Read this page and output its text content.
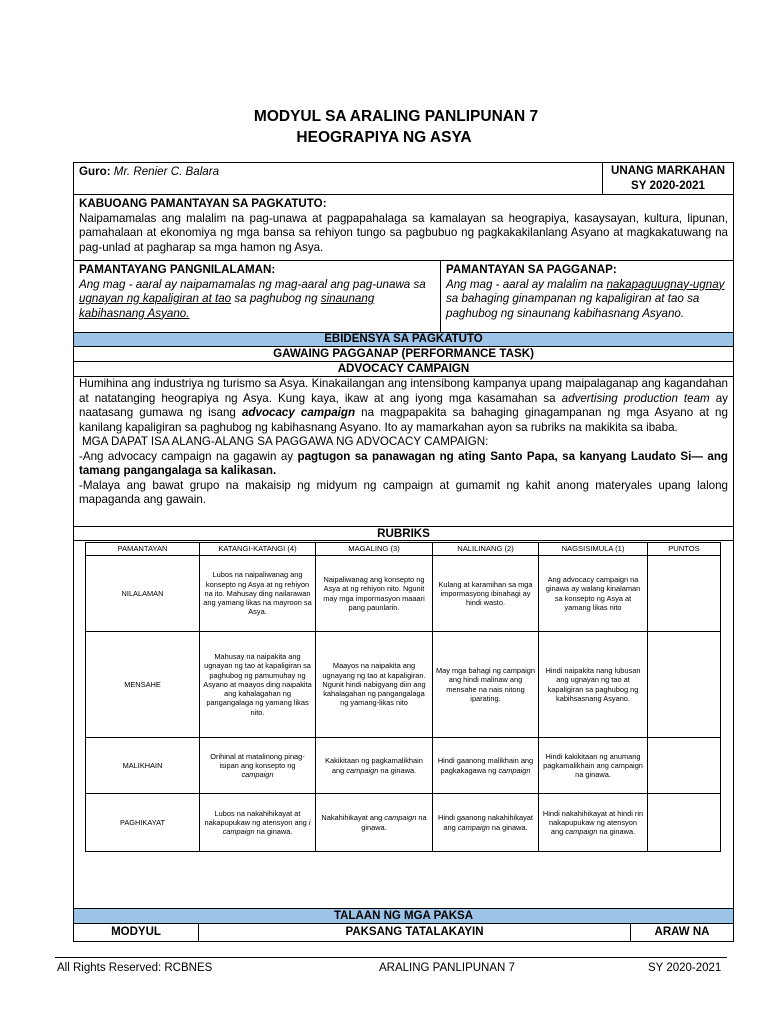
MODYUL SA ARALING PANLIPUNAN 7
HEOGRAPIYA NG ASYA
Guro: Mr. Renier C. Balara	UNANG MARKAHAN
SY 2020-2021
KABUOANG PAMANTAYAN SA PAGKATUTO:
Naipamamalas ang malalim na pag-unawa at pagpapahalaga sa kamalayan sa heograpiya, kasaysayan, kultura, lipunan, pamahalaan at ekonomiya ng mga bansa sa rehiyon tungo sa pagbubuo ng pagkakakilanlang Asyano at magkakatuwang na pag-unlad at pagharap sa mga hamon ng Asya.
PAMANTAYANG PANGNILALAMAN:
Ang mag - aaral ay naipamamalas ng mag-aaral ang pag-unawa sa ugnayan ng kapaligiran at tao sa paghubog ng sinaunang kabihasnang Asyano.
PAMANTAYAN SA PAGGANAP:
Ang mag - aaral ay malalim na nakapaguugnay-ugnay sa bahaging ginampanan ng kapaligiran at tao sa paghubog ng sinaunang kabihasnang Asyano.
EBIDENSYA SA PAGKATUTO
GAWAING PAGGANAP (PERFORMANCE TASK)
ADVOCACY CAMPAIGN
Humihina ang industriya ng turismo sa Asya. Kinakailangan ang intensibong kampanya upang maipalaganap ang kagandahan at natatanging heograpiya ng Asya. Kung kaya, ikaw at ang iyong mga kasamahan sa advertising production team ay naatasang gumawa ng isang advocacy campaign na magpapakita sa bahaging ginagampanan ng mga Asyano at ng kanilang kapaligiran sa paghubog ng kabihasnang Asyano. Ito ay mamarkahan ayon sa rubriks na makikita sa ibaba.
MGA DAPAT ISA ALANG-ALANG SA PAGGAWA NG ADVOCACY CAMPAIGN:
-Ang advocacy campaign na gagawin ay pagtugon sa panawagan ng ating Santo Papa, sa kanyang Laudato Si— ang tamang pangangalaga sa kalikasan.
-Malaya ang bawat grupo na makaisip ng midyum ng campaign at gumamit ng kahit anong materyales upang lalong mapaganda ang gawain.
RUBRIKS
PAMANTAYAN	KATANGI-KATANGI (4)	MAGALING (3)	NALILINANG (2)	NAGSISIMULA (1)	PUNTOS
NILALAMAN	Lubos na naipaliwanag ang konsepto ng Asya at ng rehiyon na ito. Mahusay ding nailarawan ang yamang likas na mayroon sa Asya.	Naipaliwanag ang konsepto ng Asya at ng rehiyon nito. Ngunit may mga impormasyon maaari pang paunlarin.	Kulang at karamihan sa mga impormasyong ibinahagi ay hindi wasto.	Ang advocacy campaign na ginawa ay walang kinalaman sa konsepto ng Asya at yamang likas nito	
MENSAHE	Mahusay na naipakita ang ugnayan ng tao at kapaligiran sa paghubog ng pamumuhay ng Asyano at maayos ding naipakita ang kahalagahan ng pangangalaga ng yamang likas nito.	Maayos na naipakita ang ugnayang ng tao at kapaligiran. Ngunit hindi nabigyang diin ang kahalagahan ng pangangalaga ng yamang-likas nito	May mga bahagi ng campaign ang hindi malinaw ang mensahe na nais nitong iparating.	Hindi naipakita nang lubusan ang ugnayan ng tao at kapaligiran sa paghubog ng kabihsasnang Asyano.	
MALIKHAIN	Orihinal at matalinong pinag-isipan ang konsepto ng campaign	Kakikitaan ng pagkamalikhain ang campaign na ginawa.	Hindi gaanong malikhain ang pagkakagawa ng campaign	Hindi kakikitaan ng anumang pagkamalikhain ang campaign na ginawa.	
PAGHIKAYAT	Lubos na nakahihikayat at nakapupukaw ng atensyon ang i campaign na ginawa.	Nakahihikayat ang campaign na ginawa.	Hindi gaanong nakahihikayat ang campaign na ginawa.	Hindi nakahihikayat at hindi rin nakapupukaw ng atensyon ang campaign na ginawa.	
TALAAN NG MGA PAKSA
MODYUL	PAKSANG TATALAKAYIN	ARAW NA
All Rights Reserved: RCBNES	ARALING PANLIPUNAN 7	SY 2020-2021
